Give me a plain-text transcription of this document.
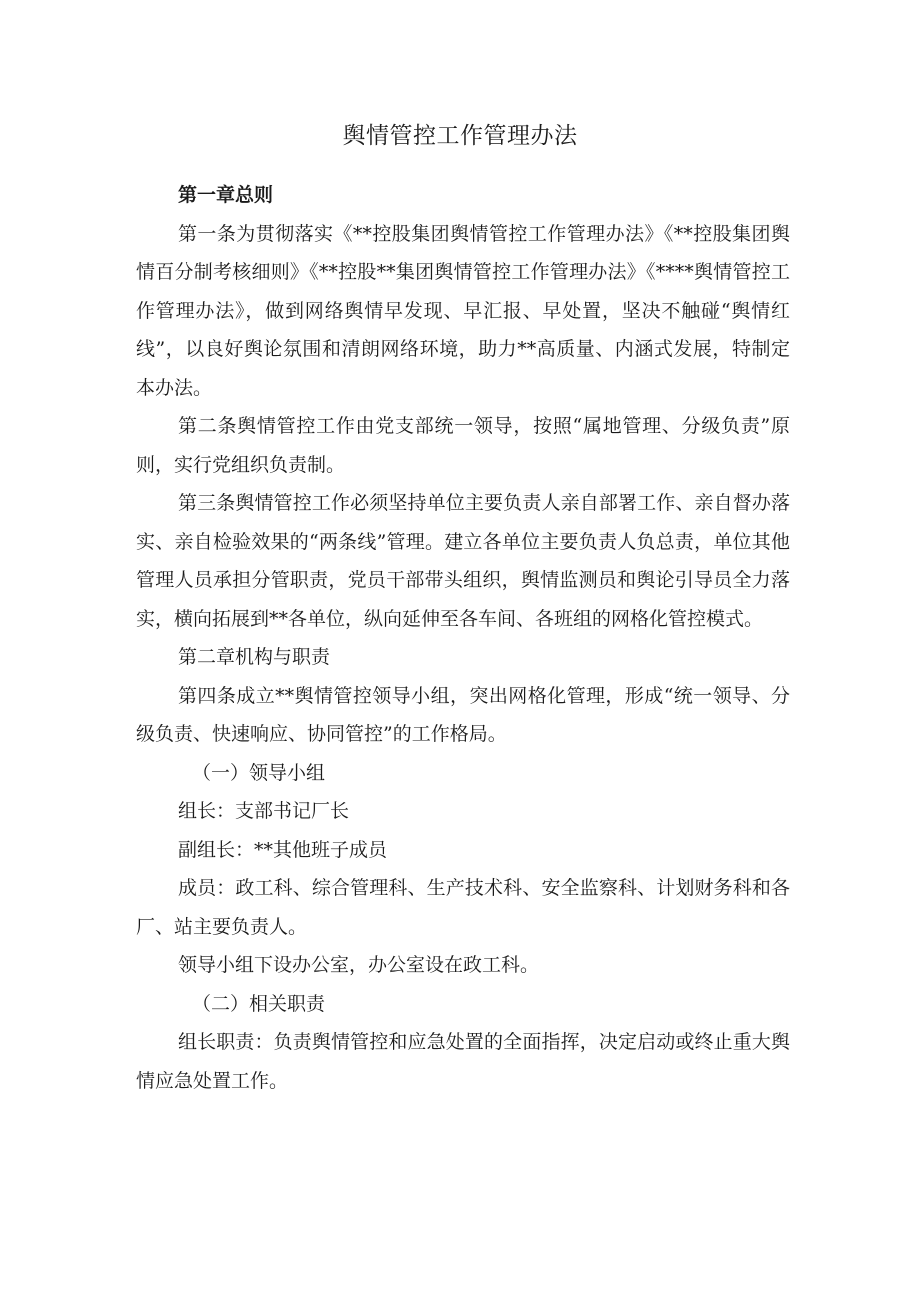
舆情管控工作管理办法

第一章总则

第一条为贯彻落实《**控股集团舆情管控工作管理办法》《**控股集团舆情百分制考核细则》《**控股**集团舆情管控工作管理办法》《****舆情管控工作管理办法》，做到网络舆情早发现、早汇报、早处置，坚决不触碰“舆情红线”，以良好舆论氛围和清朗网络环境，助力**高质量、内涵式发展，特制定本办法。

第二条舆情管控工作由党支部统一领导，按照“属地管理、分级负责”原则，实行党组织负责制。

第三条舆情管控工作必须坚持单位主要负责人亲自部署工作、亲自督办落实、亲自检验效果的“两条线”管理。建立各单位主要负责人负总责，单位其他管理人员承担分管职责，党员干部带头组织，舆情监测员和舆论引导员全力落实，横向拓展到**各单位，纵向延伸至各车间、各班组的网格化管控模式。

第二章机构与职责

第四条成立**舆情管控领导小组，突出网格化管理，形成“统一领导、分级负责、快速响应、协同管控”的工作格局。

（一）领导小组

组长：支部书记厂长

副组长：**其他班子成员

成员：政工科、综合管理科、生产技术科、安全监察科、计划财务科和各厂、站主要负责人。

领导小组下设办公室，办公室设在政工科。

（二）相关职责

组长职责：负责舆情管控和应急处置的全面指挥，决定启动或终止重大舆情应急处置工作。
